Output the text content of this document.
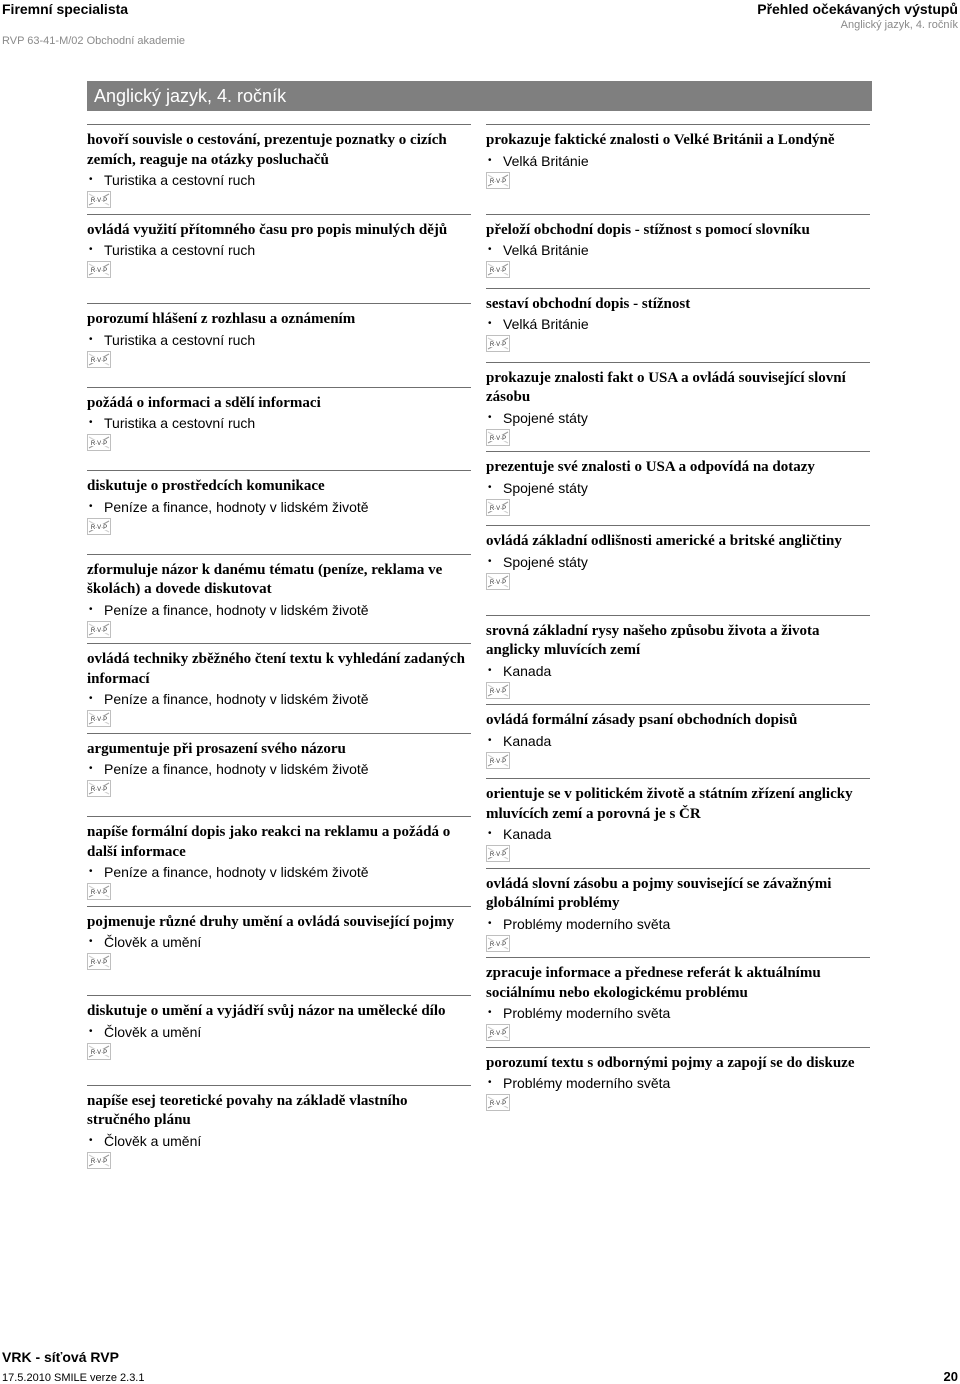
Firemní specialista
RVP 63-41-M/02 Obchodní akademie
Přehled očekávaných výstupů
Anglický jazyk, 4. ročník
Anglický jazyk, 4. ročník
hovoří souvisle o cestování, prezentuje poznatky o cizích zemích, reaguje na otázky posluchačů
• Turistika a cestovní ruch
R·V·P
ovládá využití přítomného času pro popis minulých dějů
• Turistika a cestovní ruch
R·V·P
porozumí hlášení z rozhlasu a oznámením
• Turistika a cestovní ruch
R·V·P
požádá o informaci a sdělí informaci
• Turistika a cestovní ruch
R·V·P
diskutuje o prostředcích komunikace
• Peníze a finance, hodnoty v lidském životě
R·V·P
zformuluje názor k danému tématu (peníze, reklama ve školách) a dovede diskutovat
• Peníze a finance, hodnoty v lidském životě
R·V·P
ovládá techniky zběžného čtení textu k vyhledání zadaných informací
• Peníze a finance, hodnoty v lidském životě
R·V·P
argumentuje při prosazení svého názoru
• Peníze a finance, hodnoty v lidském životě
R·V·P
napíše formální dopis jako reakci na reklamu a požádá o další informace
• Peníze a finance, hodnoty v lidském životě
R·V·P
pojmenuje různé druhy umění a ovládá související pojmy
• Člověk a umění
R·V·P
diskutuje o umění a vyjádří svůj názor na umělecké dílo
• Člověk a umění
R·V·P
napíše esej teoretické povahy na základě vlastního stručného plánu
• Člověk a umění
R·V·P
prokazuje faktické znalosti o Velké Británii a Londýně
• Velká Británie
R·V·P
přeloží obchodní dopis - stížnost s pomocí slovníku
• Velká Británie
R·V·P
sestaví obchodní dopis - stížnost
• Velká Británie
R·V·P
prokazuje znalosti fakt o USA a ovládá související slovní zásobu
• Spojené státy
R·V·P
prezentuje své znalosti o USA a odpovídá na dotazy
• Spojené státy
R·V·P
ovládá základní odlišnosti americké a britské angličtiny
• Spojené státy
R·V·P
srovná základní rysy našeho způsobu života a života anglicky mluvících zemí
• Kanada
R·V·P
ovládá formální zásady psaní obchodních dopisů
• Kanada
R·V·P
orientuje se v politickém životě a státním zřízení anglicky mluvících zemí a porovná je s ČR
• Kanada
R·V·P
ovládá slovní zásobu a pojmy související se závažnými globálními problémy
• Problémy moderního světa
R·V·P
zpracuje informace a přednese referát k aktuálnímu sociálnímu nebo ekologickému problému
• Problémy moderního světa
R·V·P
porozumí textu s odbornými pojmy a zapojí se do diskuze
• Problémy moderního světa
R·V·P
VRK - síťová RVP
17.5.2010 SMILE verze 2.3.1	20
